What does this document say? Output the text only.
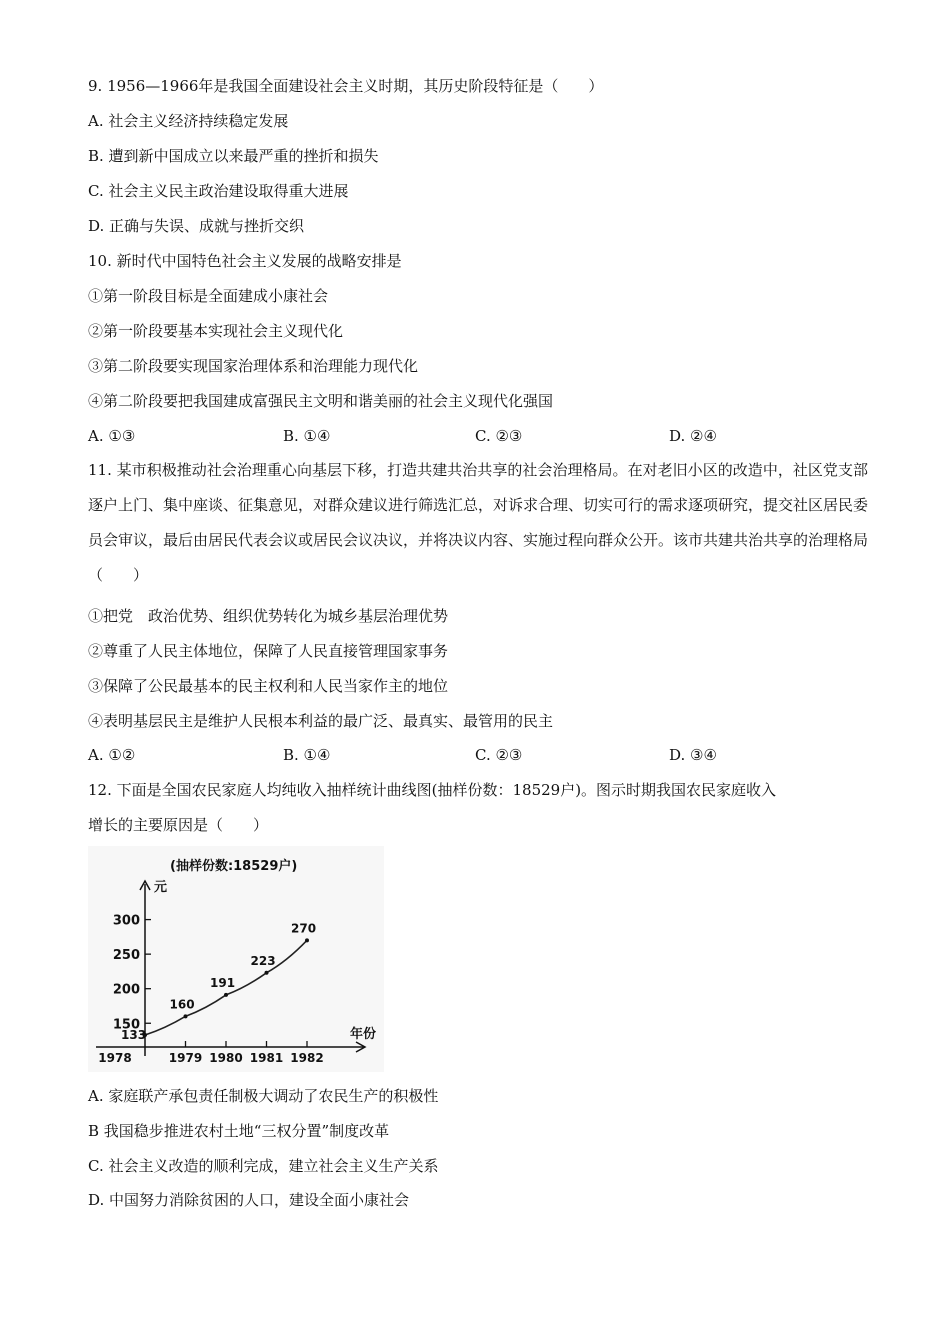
9. 1956—1966年是我国全面建设社会主义时期，其历史阶段特征是（　　）
A. 社会主义经济持续稳定发展
B. 遭到新中国成立以来最严重的挫折和损失
C. 社会主义民主政治建设取得重大进展
D. 正确与失误、成就与挫折交织
10. 新时代中国特色社会主义发展的战略安排是
①第一阶段目标是全面建成小康社会
②第一阶段要基本实现社会主义现代化
③第二阶段要实现国家治理体系和治理能力现代化
④第二阶段要把我国建成富强民主文明和谐美丽的社会主义现代化强国
A. ①③	B. ①④	C. ②③	D. ②④
11. 某市积极推动社会治理重心向基层下移，打造共建共治共享的社会治理格局。在对老旧小区的改造中，社区党支部逐户上门、集中座谈、征集意见，对群众建议进行筛选汇总，对诉求合理、切实可行的需求逐项研究，提交社区居民委员会审议，最后由居民代表会议或居民会议决议，并将决议内容、实施过程向群众公开。该市共建共治共享的治理格局（　　）
①把党　政治优势、组织优势转化为城乡基层治理优势
②尊重了人民主体地位，保障了人民直接管理国家事务
③保障了公民最基本的民主权利和人民当家作主的地位
④表明基层民主是维护人民根本利益的最广泛、最真实、最管用的民主
A. ①②	B. ①④	C. ②③	D. ③④
12. 下面是全国农民家庭人均纯收入抽样统计曲线图(抽样份数：18529户)。图示时期我国农民家庭收入
增长的主要原因是（　　）
(抽样份数:18529户)
元
年份
150
200
250
300
1978	1979 1980 1981 1982
133
160
191
223
270
A. 家庭联产承包责任制极大调动了农民生产的积极性
B 我国稳步推进农村土地“三权分置”制度改革
C. 社会主义改造的顺利完成，建立社会主义生产关系
D. 中国努力消除贫困的人口，建设全面小康社会
